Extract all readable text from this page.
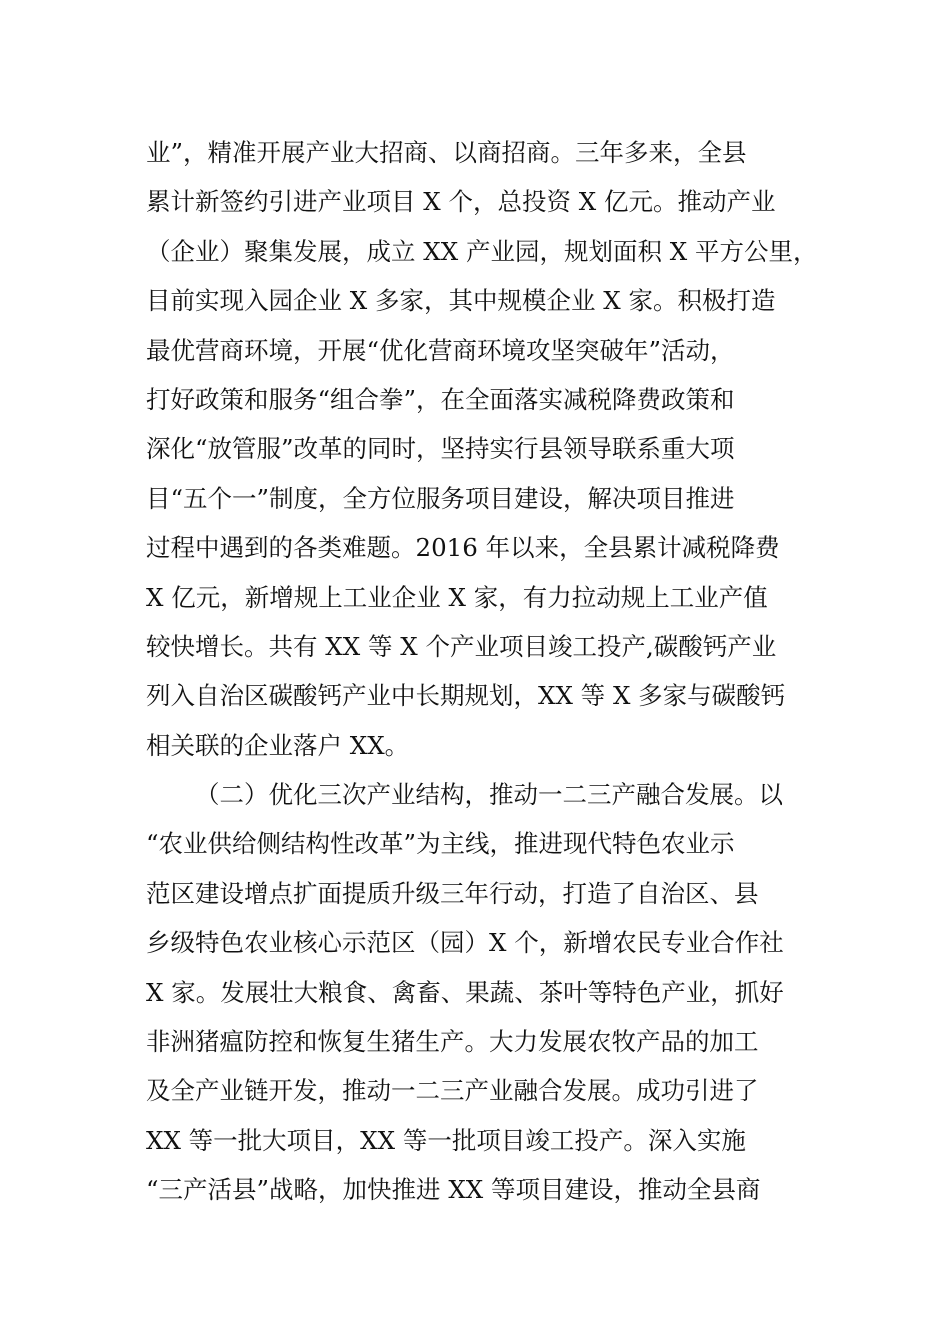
业”，精准开展产业大招商、以商招商。三年多来，全县
累计新签约引进产业项目 X 个，总投资 X 亿元。推动产业
（企业）聚集发展，成立 XX 产业园，规划面积 X 平方公里，
目前实现入园企业 X 多家，其中规模企业 X 家。积极打造
最优营商环境，开展“优化营商环境攻坚突破年”活动，
打好政策和服务“组合拳”，在全面落实减税降费政策和
深化“放管服”改革的同时，坚持实行县领导联系重大项
目“五个一”制度，全方位服务项目建设，解决项目推进
过程中遇到的各类难题。2016 年以来，全县累计减税降费
X 亿元，新增规上工业企业 X 家，有力拉动规上工业产值
较快增长。共有 XX 等 X 个产业项目竣工投产,碳酸钙产业
列入自治区碳酸钙产业中长期规划，XX 等 X 多家与碳酸钙
相关联的企业落户 XX。
（二）优化三次产业结构，推动一二三产融合发展。以
“农业供给侧结构性改革”为主线，推进现代特色农业示
范区建设增点扩面提质升级三年行动，打造了自治区、县
乡级特色农业核心示范区（园）X 个，新增农民专业合作社
X 家。发展壮大粮食、禽畜、果蔬、茶叶等特色产业，抓好
非洲猪瘟防控和恢复生猪生产。大力发展农牧产品的加工
及全产业链开发，推动一二三产业融合发展。成功引进了
XX 等一批大项目，XX 等一批项目竣工投产。深入实施
“三产活县”战略，加快推进 XX 等项目建设，推动全县商
